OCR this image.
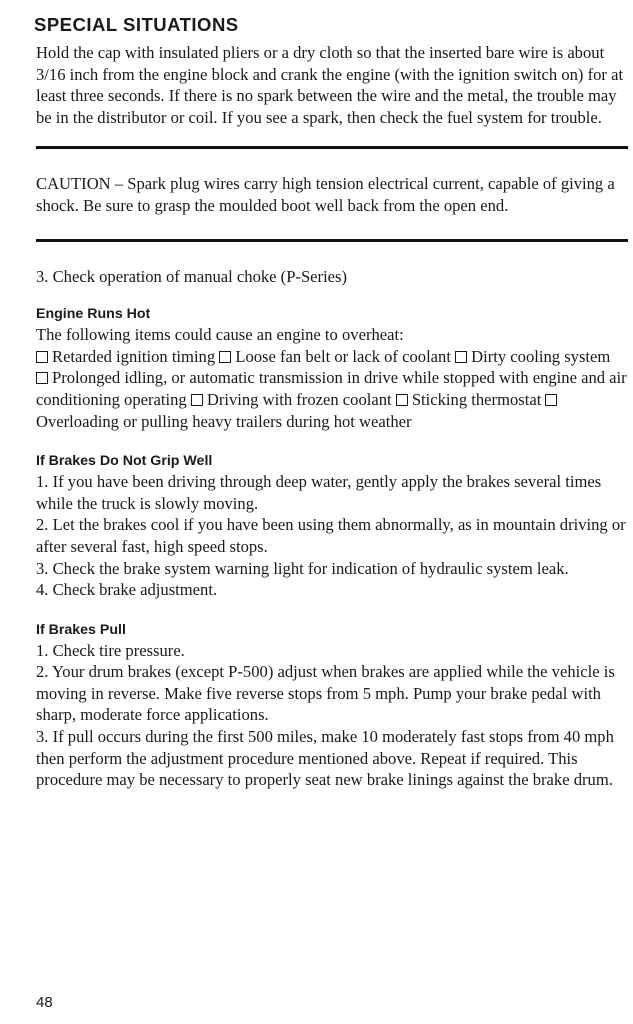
SPECIAL SITUATIONS

Hold the cap with insulated pliers or a dry cloth so that the inserted bare wire is about 3/16 inch from the engine block and crank the engine (with the ignition switch on) for at least three seconds. If there is no spark between the wire and the metal, the trouble may be in the distributor or coil. If you see a spark, then check the fuel system for trouble.

CAUTION – Spark plug wires carry high tension electrical current, capable of giving a shock. Be sure to grasp the moulded boot well back from the open end.

3. Check operation of manual choke (P-Series)

Engine Runs Hot

The following items could cause an engine to overheat:

Retarded ignition timing Loose fan belt or lack of coolant Dirty cooling system Prolonged idling, or automatic transmission in drive while stopped with engine and air conditioning operating Driving with frozen coolant Sticking thermostat Overloading or pulling heavy trailers during hot weather

If Brakes Do Not Grip Well

1. If you have been driving through deep water, gently apply the brakes several times while the truck is slowly moving.

2. Let the brakes cool if you have been using them abnormally, as in mountain driving or after several fast, high speed stops.

3. Check the brake system warning light for indication of hydraulic system leak.

4. Check brake adjustment.

If Brakes Pull

1. Check tire pressure.

2. Your drum brakes (except P-500) adjust when brakes are applied while the vehicle is moving in reverse. Make five reverse stops from 5 mph. Pump your brake pedal with sharp, moderate force applications.

3. If pull occurs during the first 500 miles, make 10 moderately fast stops from 40 mph then perform the adjustment procedure mentioned above. Repeat if required. This procedure may be necessary to properly seat new brake linings against the brake drum.

48
